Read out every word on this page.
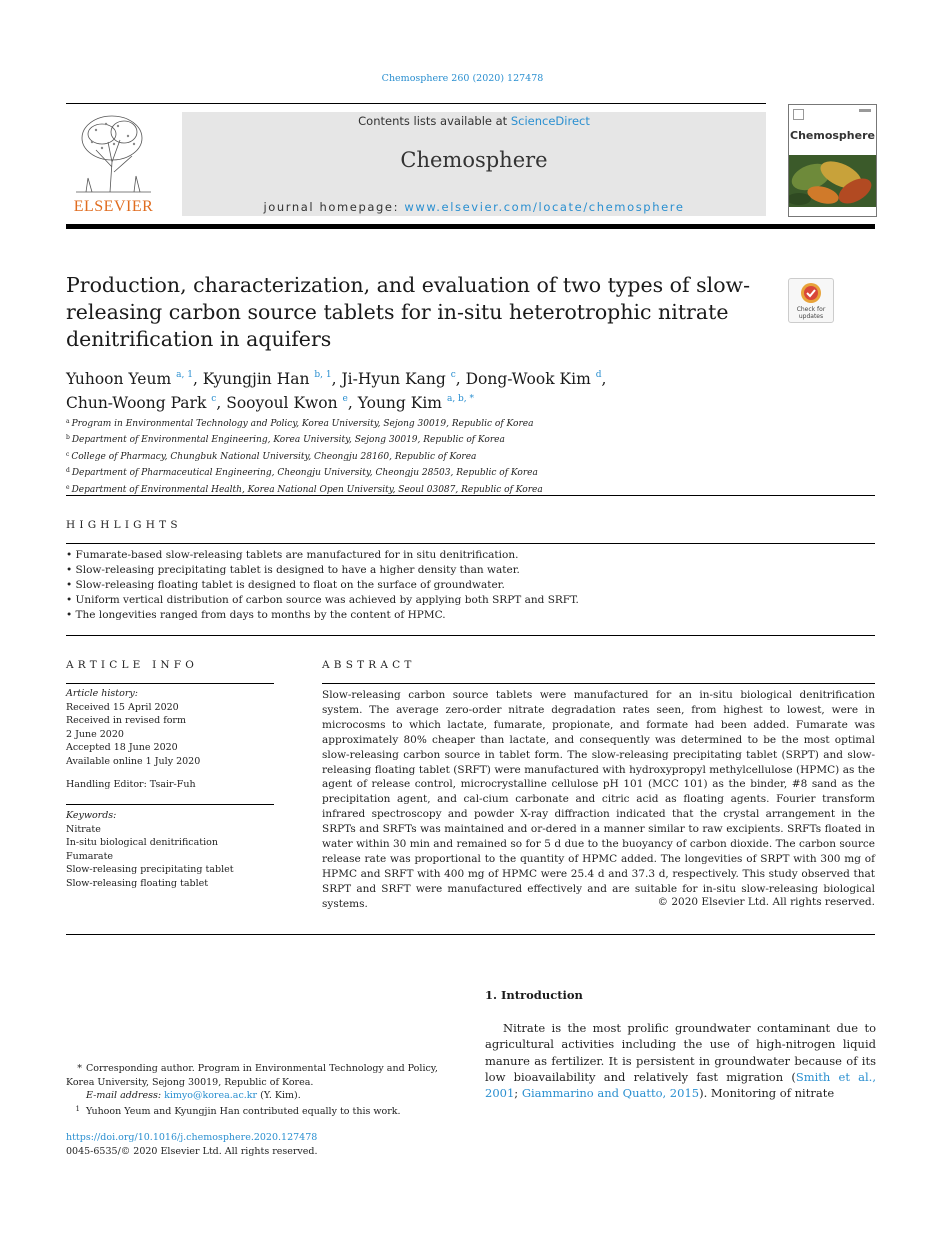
Chemosphere 260 (2020) 127478
ELSEVIER
Contents lists available at ScienceDirect
Chemosphere
journal homepage: www.elsevier.com/locate/chemosphere
Chemosphere
Production, characterization, and evaluation of two types of slow-releasing carbon source tablets for in-situ heterotrophic nitrate denitrification in aquifers
Check for
updates
Yuhoon Yeum $^{a, 1}$, Kyungjin Han $^{b, 1}$, Ji-Hyun Kang $^c$, Dong-Wook Kim $^d$,
Chun-Woong Park $^c$, Sooyoul Kwon $^e$, Young Kim $^{a, b, *}$
$^a$ Program in Environmental Technology and Policy, Korea University, Sejong 30019, Republic of Korea
$^b$ Department of Environmental Engineering, Korea University, Sejong 30019, Republic of Korea
$^c$ College of Pharmacy, Chungbuk National University, Cheongju 28160, Republic of Korea
$^d$ Department of Pharmaceutical Engineering, Cheongju University, Cheongju 28503, Republic of Korea
$^e$ Department of Environmental Health, Korea National Open University, Seoul 03087, Republic of Korea
HIGHLIGHTS
• Fumarate-based slow-releasing tablets are manufactured for in situ denitrification.
• Slow-releasing precipitating tablet is designed to have a higher density than water.
• Slow-releasing floating tablet is designed to float on the surface of groundwater.
• Uniform vertical distribution of carbon source was achieved by applying both SRPT and SRFT.
• The longevities ranged from days to months by the content of HPMC.
ARTICLE INFO
Article history:
Received 15 April 2020
Received in revised form
2 June 2020
Accepted 18 June 2020
Available online 1 July 2020
Handling Editor: Tsair-Fuh
Keywords:
Nitrate
In-situ biological denitrification
Fumarate
Slow-releasing precipitating tablet
Slow-releasing floating tablet
ABSTRACT
Slow-releasing carbon source tablets were manufactured for an in-situ biological denitrification system. The average zero-order nitrate degradation rates seen, from highest to lowest, were in microcosms to which lactate, fumarate, propionate, and formate had been added. Fumarate was approximately 80% cheaper than lactate, and consequently was determined to be the most optimal slow-releasing carbon source in tablet form. The slow-releasing precipitating tablet (SRPT) and slow-releasing floating tablet (SRFT) were manufactured with hydroxypropyl methylcellulose (HPMC) as the agent of release control, microcrystalline cellulose pH 101 (MCC 101) as the binder, #8 sand as the precipitation agent, and cal-cium carbonate and citric acid as floating agents. Fourier transform infrared spectroscopy and powder X-ray diffraction indicated that the crystal arrangement in the SRPTs and SRFTs was maintained and or-dered in a manner similar to raw excipients. SRFTs floated in water within 30 min and remained so for 5 d due to the buoyancy of carbon dioxide. The carbon source release rate was proportional to the quantity of HPMC added. The longevities of SRPT with 300 mg of HPMC and SRFT with 400 mg of HPMC were 25.4 d and 37.3 d, respectively. This study observed that SRPT and SRFT were manufactured effectively and are suitable for in-situ slow-releasing biological systems.	© 2020 Elsevier Ltd. All rights reserved.
* Corresponding author. Program in Environmental Technology and Policy, Korea University, Sejong 30019, Republic of Korea.
E-mail address: kimyo@korea.ac.kr (Y. Kim).
1 Yuhoon Yeum and Kyungjin Han contributed equally to this work.
https://doi.org/10.1016/j.chemosphere.2020.127478
0045-6535/© 2020 Elsevier Ltd. All rights reserved.
1. Introduction
Nitrate is the most prolific groundwater contaminant due to agricultural activities including the use of high-nitrogen liquid manure as fertilizer. It is persistent in groundwater because of its low bioavailability and relatively fast migration (Smith et al., 2001; Giammarino and Quatto, 2015). Monitoring of nitrate
